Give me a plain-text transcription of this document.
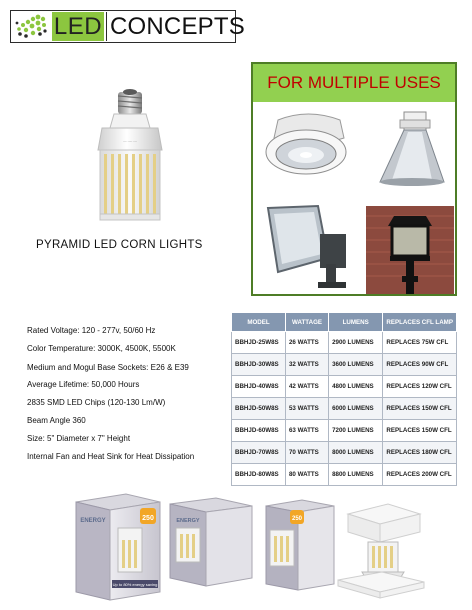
LED CONCEPTS
--- ---- ---
PYRAMID LED CORN LIGHTS
FOR MULTIPLE USES
Rated Voltage: 120 - 277v, 50/60 Hz
Color Temperature: 3000K, 4500K, 5500K
Medium and Mogul Base Sockets: E26 & E39
Average Lifetime: 50,000 Hours
2835 SMD LED Chips (120-130 Lm/W)
Beam Angle 360
Size: 5" Diameter x 7" Height
Internal Fan and Heat Sink for Heat Dissipation
MODEL	WATTAGE	LUMENS	REPLACES CFL LAMP
BBHJD-25W8S	26 WATTS	2900 LUMENS	REPLACES 75W CFL
BBHJD-30W8S	32 WATTS	3600 LUMENS	REPLACES 90W CFL
BBHJD-40W8S	42 WATTS	4800 LUMENS	REPLACES 120W CFL
BBHJD-50W8S	53 WATTS	6000 LUMENS	REPLACES 150W CFL
BBHJD-60W8S	63 WATTS	7200 LUMENS	REPLACES 150W CFL
BBHJD-70W8S	70 WATTS	8000 LUMENS	REPLACES 180W CFL
BBHJD-80W8S	80 WATTS	8800 LUMENS	REPLACES 200W CFL
250
ENERGY
Up to 80% energy saving
ENERGY	250
